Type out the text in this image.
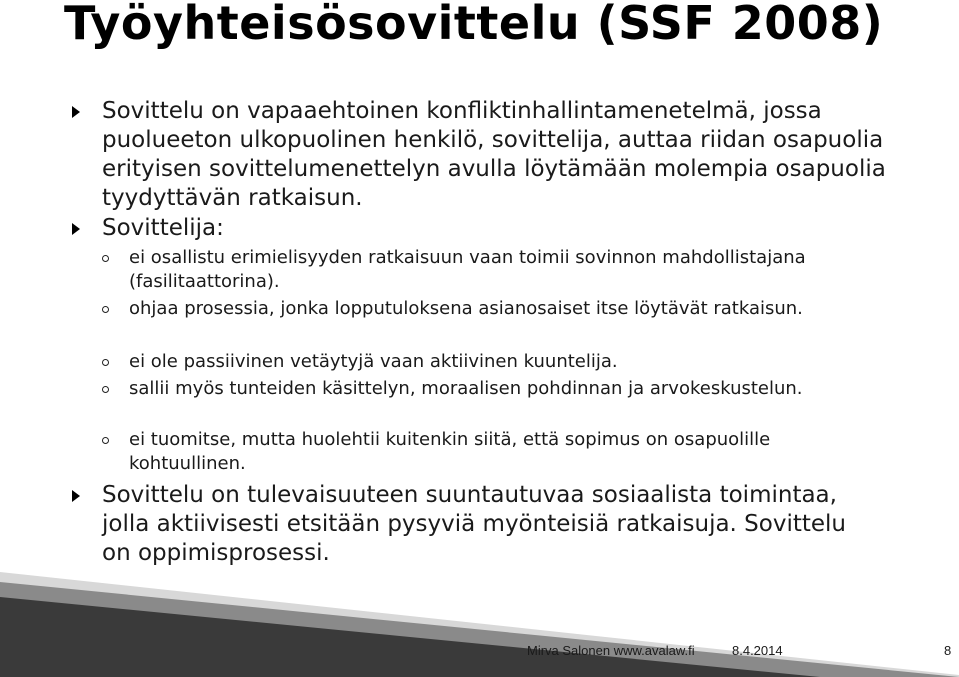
Työyhteisösovittelu (SSF 2008)
Sovittelu on vapaaehtoinen konfliktinhallintamenetelmä, jossa puolueeton ulkopuolinen henkilö, sovittelija, auttaa riidan osapuolia erityisen sovittelumenettelyn avulla löytämään molempia osapuolia tyydyttävän ratkaisun.
Sovittelija:
ei osallistu erimielisyyden ratkaisuun vaan toimii sovinnon mahdollistajana (fasilitaattorina).
ohjaa prosessia, jonka lopputuloksena asianosaiset itse löytävät ratkaisun.
ei ole passiivinen vetäytyjä vaan aktiivinen kuuntelija.
sallii myös tunteiden käsittelyn, moraalisen pohdinnan ja arvokeskustelun.
ei tuomitse, mutta huolehtii kuitenkin siitä, että sopimus on osapuolille kohtuullinen.
Sovittelu on tulevaisuuteen suuntautuvaa sosiaalista toimintaa, jolla aktiivisesti etsitään pysyviä myönteisiä ratkaisuja. Sovittelu on oppimisprosessi.
Mirva Salonen www.avalaw.fi	8.4.2014	8
